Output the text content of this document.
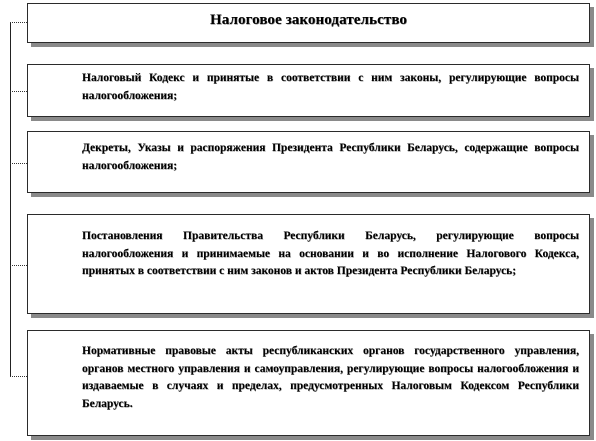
Налоговое законодательство
Налоговый Кодекс и принятые в соответствии с ним законы, регулирующие вопросы налогообложения;
Декреты, Указы и распоряжения Президента Республики Беларусь, содержащие вопросы налогообложения;
Постановления Правительства Республики Беларусь, регулирующие вопросы налогообложения и принимаемые на основании и во исполнение Налогового Кодекса, принятых в соответствии с ним законов и актов Президента Республики Беларусь;
Нормативные правовые акты республиканских органов государственного управления, органов местного управления и самоуправления, регулирующие вопросы налогообложения и издаваемые в случаях и пределах, предусмотренных Налоговым Кодексом Республики Беларусь.
